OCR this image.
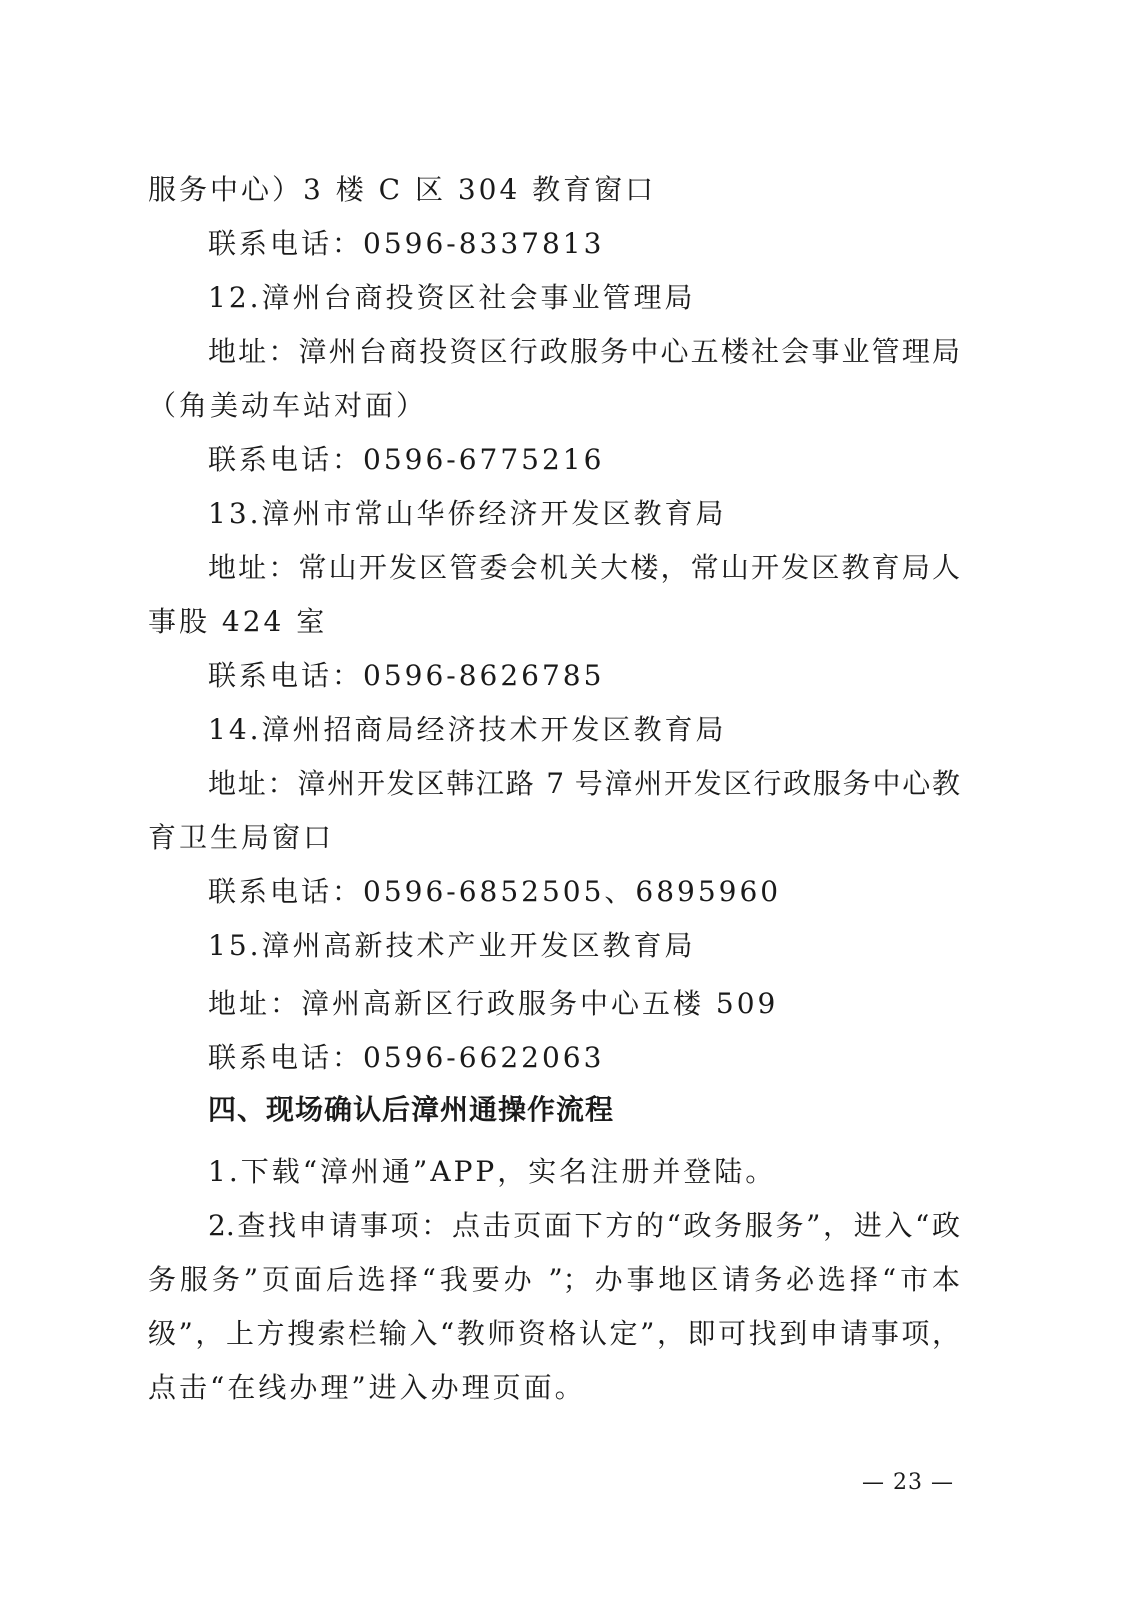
服务中心）3 楼 C 区 304 教育窗口
联系电话：0596-8337813
12.漳州台商投资区社会事业管理局
地址：漳州台商投资区行政服务中心五楼社会事业管理局
（角美动车站对面）
联系电话：0596-6775216
13.漳州市常山华侨经济开发区教育局
地址：常山开发区管委会机关大楼，常山开发区教育局人
事股 424 室
联系电话：0596-8626785
14.漳州招商局经济技术开发区教育局
地址：漳州开发区韩江路 7 号漳州开发区行政服务中心教
育卫生局窗口
联系电话：0596-6852505、6895960
15.漳州高新技术产业开发区教育局
地址：漳州高新区行政服务中心五楼 509
联系电话：0596-6622063
四、现场确认后漳州通操作流程
1.下载“漳州通”APP，实名注册并登陆。
2.查找申请事项：点击页面下方的“政务服务”，进入“政
务服务”页面后选择“我要办 ”；办事地区请务必选择“市本
级”，上方搜索栏输入“教师资格认定”，即可找到申请事项，
点击“在线办理”进入办理页面。
— 23 —
